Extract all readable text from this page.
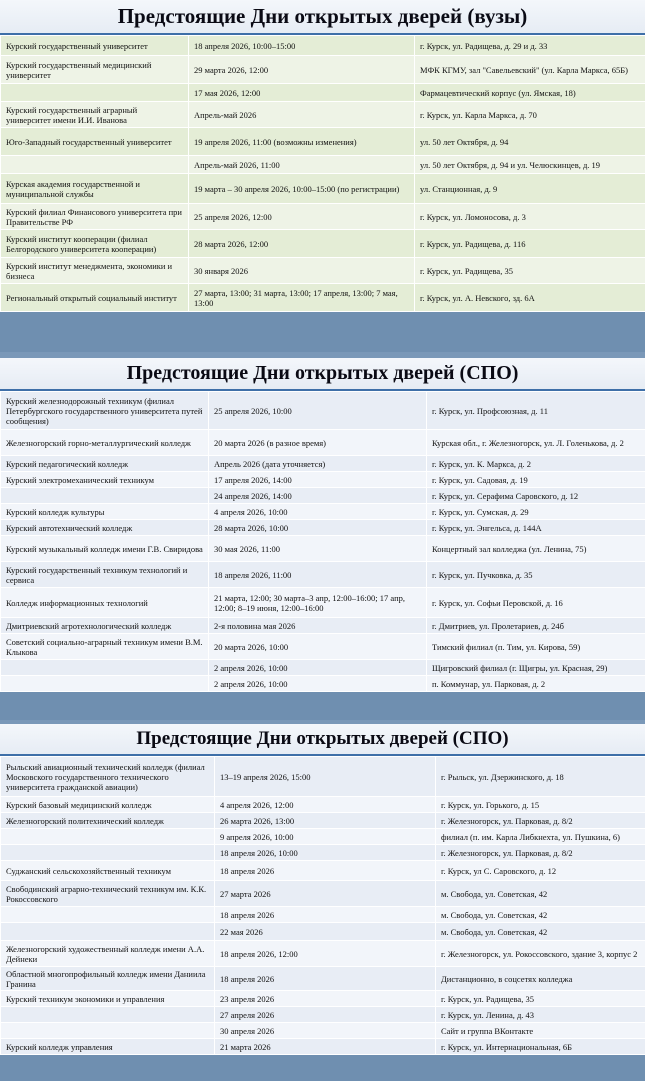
Предстоящие Дни открытых дверей (вузы)
Курский государственный университет	18 апреля 2026, 10:00–15:00	г. Курск, ул. Радищева, д. 29 и д. 33
Курский государственный медицинский университет	29 марта 2026, 12:00	МФК КГМУ, зал "Савельевский" (ул. Карла Маркса, 65Б)
	17 мая 2026, 12:00	Фармацевтический корпус (ул. Ямская, 18)
Курский государственный аграрный университет имени И.И. Иванова	Апрель-май 2026	г. Курск, ул. Карла Маркса, д. 70
Юго-Западный государственный университет	19 апреля 2026, 11:00 (возможны изменения)	ул. 50 лет Октября, д. 94
	Апрель-май 2026, 11:00	ул. 50 лет Октября, д. 94 и ул. Челюскинцев, д. 19
Курская академия государственной и муниципальной службы	19 марта – 30 апреля 2026, 10:00–15:00 (по регистрации)	ул. Станционная, д. 9
Курский филиал Финансового университета при Правительстве РФ	25 апреля 2026, 12:00	г. Курск, ул. Ломоносова, д. 3
Курский институт кооперации (филиал Белгородского университета кооперации)	28 марта 2026, 12:00	г. Курск, ул. Радищева, д. 116
Курский институт менеджмента, экономики и бизнеса	30 января 2026	г. Курск, ул. Радищева, 35
Региональный открытый социальный институт	27 марта, 13:00; 31 марта, 13:00; 17 апреля, 13:00; 7 мая, 13:00	г. Курск, ул. А. Невского, зд. 6А
Предстоящие Дни открытых дверей (СПО)
Курский железнодорожный техникум (филиал Петербургского государственного университета путей сообщения)	25 апреля 2026, 10:00	г. Курск, ул. Профсоюзная, д. 11
Железногорский горно-металлургический колледж	20 марта 2026 (в разное время)	Курская обл., г. Железногорск, ул. Л. Голенькова, д. 2
Курский педагогический колледж	Апрель 2026 (дата уточняется)	г. Курск, ул. К. Маркса, д. 2
Курский электромеханический техникум	17 апреля 2026, 14:00	г. Курск, ул. Садовая, д. 19
	24 апреля 2026, 14:00	г. Курск, ул. Серафима Саровского, д. 12
Курский колледж культуры	4 апреля 2026, 10:00	г. Курск, ул. Сумская, д. 29
Курский автотехнический колледж	28 марта 2026, 10:00	г. Курск, ул. Энгельса, д. 144А
Курский музыкальный колледж имени Г.В. Свиридова	30 мая 2026, 11:00	Концертный зал колледжа (ул. Ленина, 75)
Курский государственный техникум технологий и сервиса	18 апреля 2026, 11:00	г. Курск, ул. Пучковка, д. 35
Колледж информационных технологий	21 марта, 12:00; 30 марта–3 апр, 12:00–16:00; 17 апр, 12:00; 8–19 июня, 12:00–16:00	г. Курск, ул. Софьи Перовской, д. 16
Дмитриевский агротехнологический колледж	2-я половина мая 2026	г. Дмитриев, ул. Пролетариев, д. 24б
Советский социально-аграрный техникум имени В.М. Клыкова	20 марта 2026, 10:00	Тимский филиал (п. Тим, ул. Кирова, 59)
	2 апреля 2026, 10:00	Щигровский филиал (г. Щигры, ул. Красная, 29)
	2 апреля 2026, 10:00	п. Коммунар, ул. Парковая, д. 2
Предстоящие Дни открытых дверей (СПО)
Рыльский авиационный технический колледж (филиал Московского государственного технического университета гражданской авиации)	13–19 апреля 2026, 15:00	г. Рыльск, ул. Дзержинского, д. 18
Курский базовый медицинский колледж	4 апреля 2026, 12:00	г. Курск, ул. Горького, д. 15
Железногорский политехнический колледж	26 марта 2026, 13:00	г. Железногорск, ул. Парковая, д. 8/2
	9 апреля 2026, 10:00	филиал (п. им. Карла Либкнехта, ул. Пушкина, 6)
	18 апреля 2026, 10:00	г. Железногорск, ул. Парковая, д. 8/2
Суджанский сельскохозяйственный техникум	18 апреля 2026	г. Курск, ул С. Саровского, д. 12
Свободинский аграрно-технический техникум им. К.К. Рокоссовского	27 марта 2026	м. Свобода, ул. Советская, 42
	18 апреля 2026	м. Свобода, ул. Советская, 42
	22 мая 2026	м. Свобода, ул. Советская, 42
Железногорский художественный колледж имени А.А. Дейнеки	18 апреля 2026, 12:00	г. Железногорск, ул. Рокоссовского, здание 3, корпус 2
Областной многопрофильный колледж имени Даниила Гранина	18 апреля 2026	Дистанционно, в соцсетях колледжа
Курский техникум экономики и управления	23 апреля 2026	г. Курск, ул. Радищева, 35
	27 апреля 2026	г. Курск, ул. Ленина, д. 43
	30 апреля 2026	Сайт и группа ВКонтакте
Курский колледж управления	21 марта 2026	г. Курск, ул. Интернациональная, 6Б
